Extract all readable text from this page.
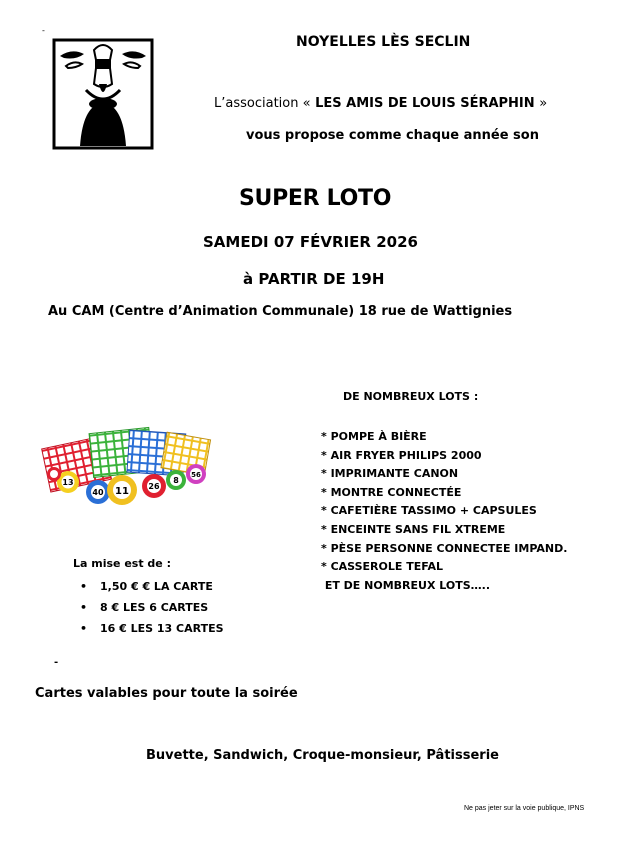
-
NOYELLES LÈS SECLIN
L’association « LES AMIS DE LOUIS SÉRAPHIN »
vous propose comme chaque année son
SUPER LOTO
SAMEDI 07 FÉVRIER 2026
à PARTIR DE 19H
Au CAM (Centre d’Animation Communale) 18 rue de Wattignies
13
40 11 26
8
56
DE NOMBREUX LOTS :
* POMPE À BIÈRE
* AIR FRYER PHILIPS 2000
* IMPRIMANTE CANON
* MONTRE CONNECTÉE
* CAFETIÈRE TASSIMO + CAPSULES
* ENCEINTE SANS FIL XTREME
* PÈSE PERSONNE CONNECTEE IMPAND.
* CASSEROLE TEFAL
ET DE NOMBREUX LOTS…..
La mise est de :
• 1,50 € € LA CARTE
• 8 € LES 6 CARTES
• 16 € LES 13 CARTES
-
Cartes valables pour toute la soirée
Buvette, Sandwich, Croque-monsieur, Pâtisserie
Ne pas jeter sur la voie publique, IPNS
